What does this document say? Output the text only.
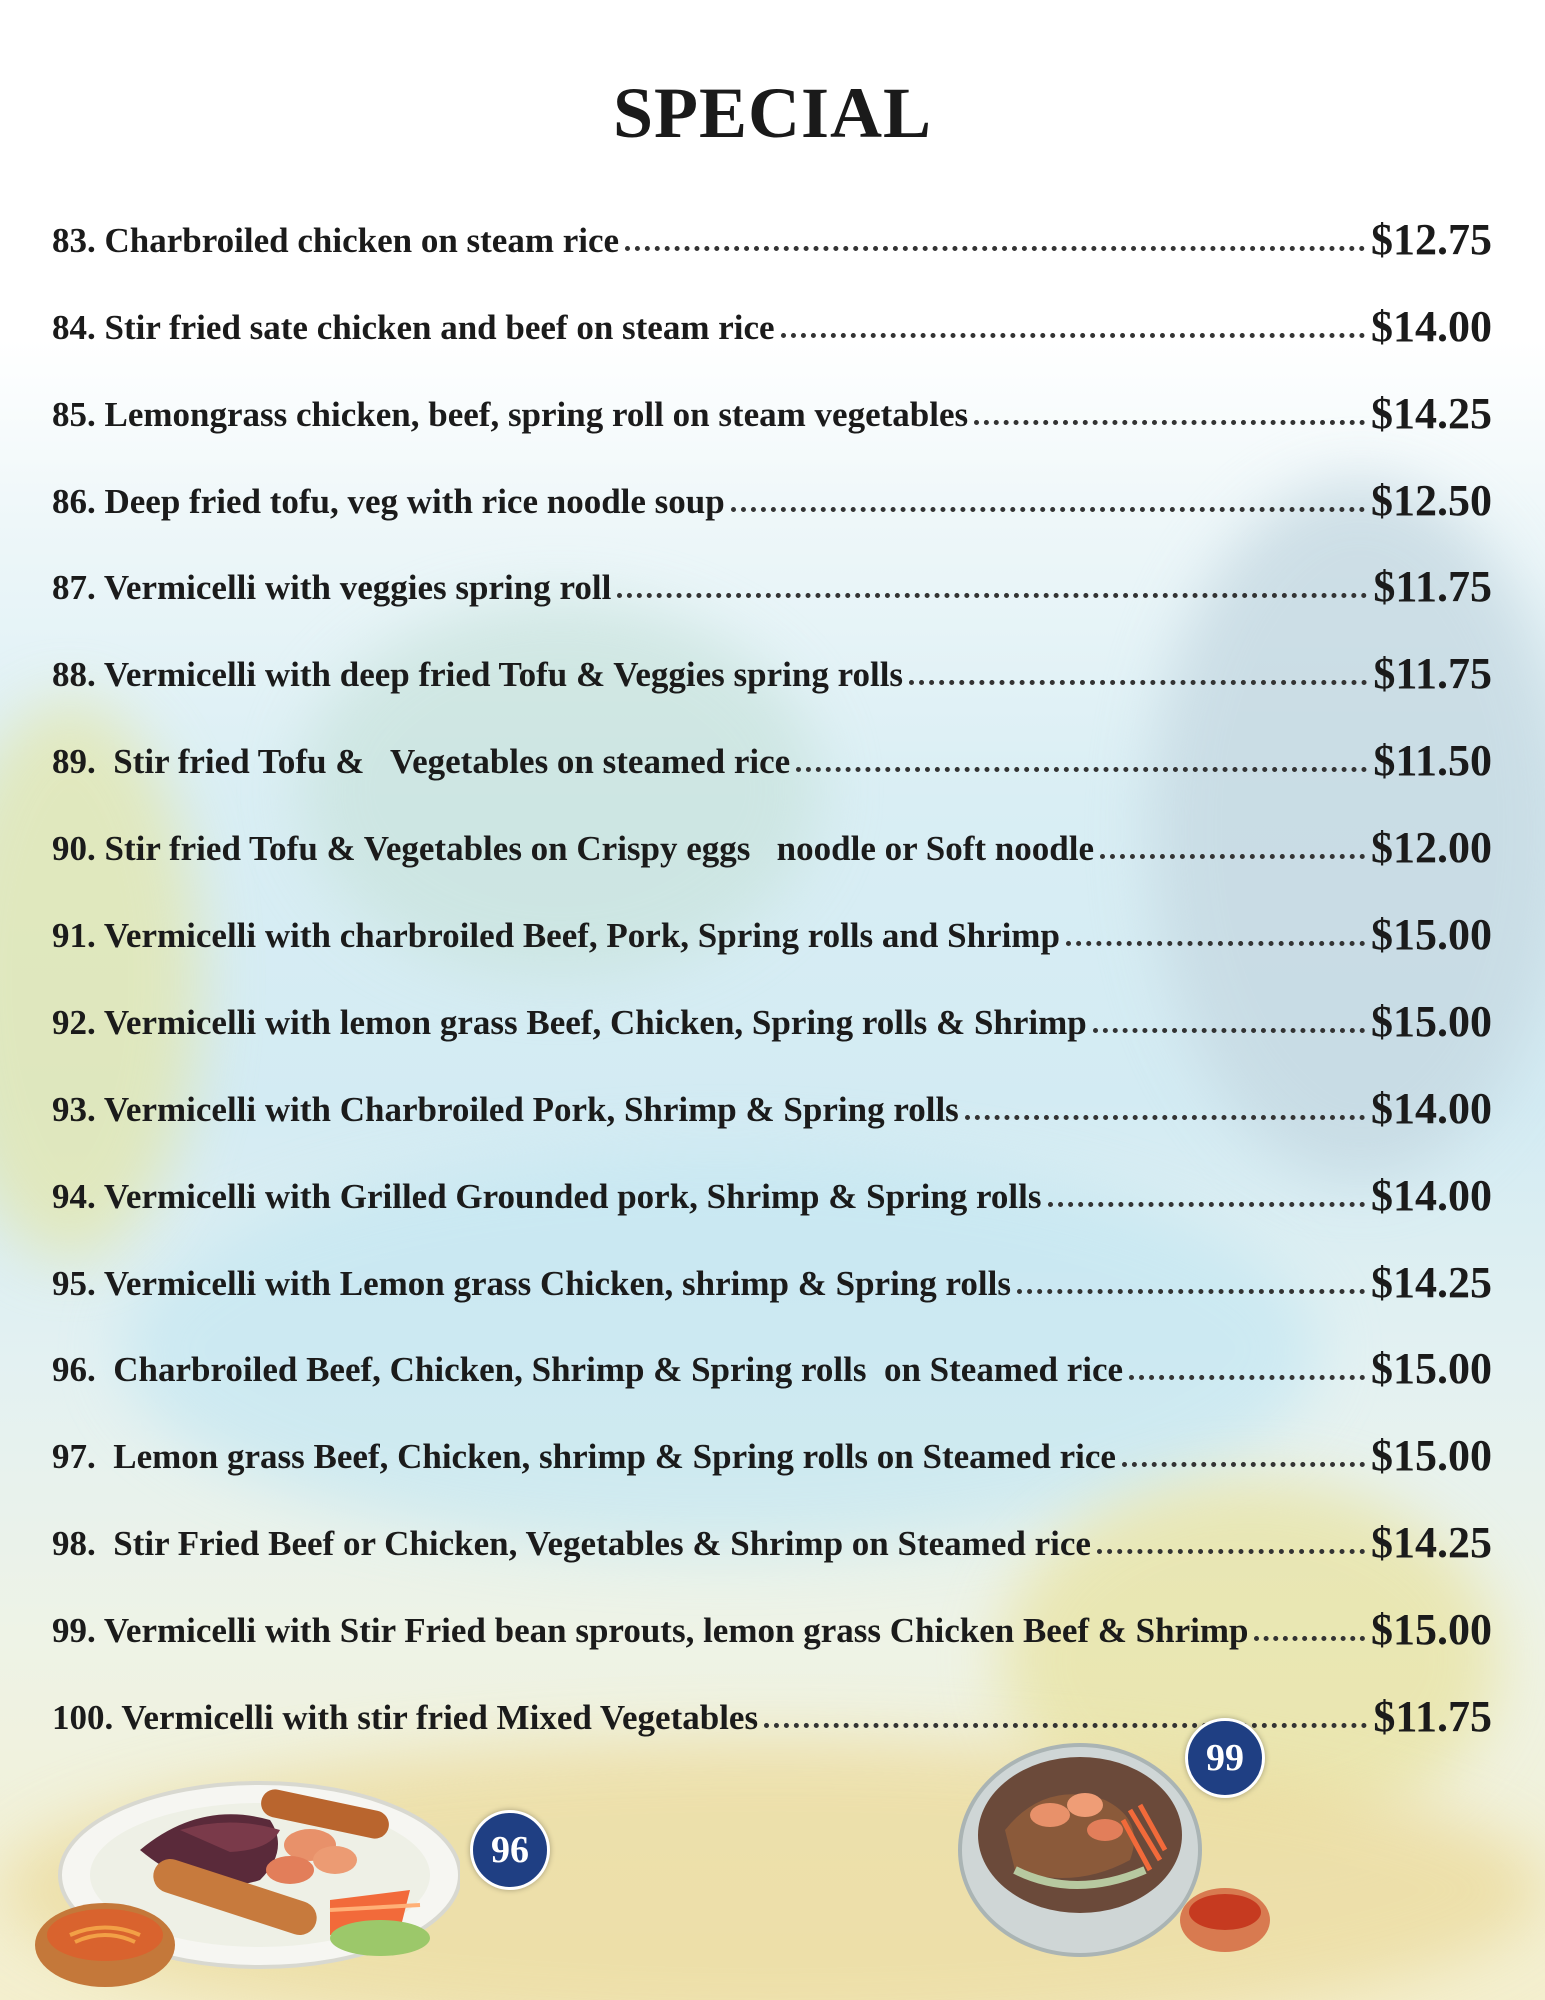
SPECIAL
83. Charbroiled chicken on steam rice	$12.75
84. Stir fried sate chicken and beef on steam rice	$14.00
85. Lemongrass chicken, beef, spring roll on steam vegetables	$14.25
86. Deep fried tofu, veg with rice noodle soup	$12.50
87. Vermicelli with veggies spring roll	$11.75
88. Vermicelli with deep fried Tofu & Veggies spring rolls	$11.75
89.  Stir fried Tofu &   Vegetables on steamed rice	$11.50
90. Stir fried Tofu & Vegetables on Crispy eggs   noodle or Soft noodle	$12.00
91. Vermicelli with charbroiled Beef, Pork, Spring rolls and Shrimp	$15.00
92. Vermicelli with lemon grass Beef, Chicken, Spring rolls & Shrimp	$15.00
93. Vermicelli with Charbroiled Pork, Shrimp & Spring rolls	$14.00
94. Vermicelli with Grilled Grounded pork, Shrimp & Spring rolls	$14.00
95. Vermicelli with Lemon grass Chicken, shrimp & Spring rolls	$14.25
96.  Charbroiled Beef, Chicken, Shrimp & Spring rolls  on Steamed rice	$15.00
97.  Lemon grass Beef, Chicken, shrimp & Spring rolls on Steamed rice	$15.00
98.  Stir Fried Beef or Chicken, Vegetables & Shrimp on Steamed rice	$14.25
99. Vermicelli with Stir Fried bean sprouts, lemon grass Chicken Beef & Shrimp	$15.00
100. Vermicelli with stir fried Mixed Vegetables	$11.75
96
99
